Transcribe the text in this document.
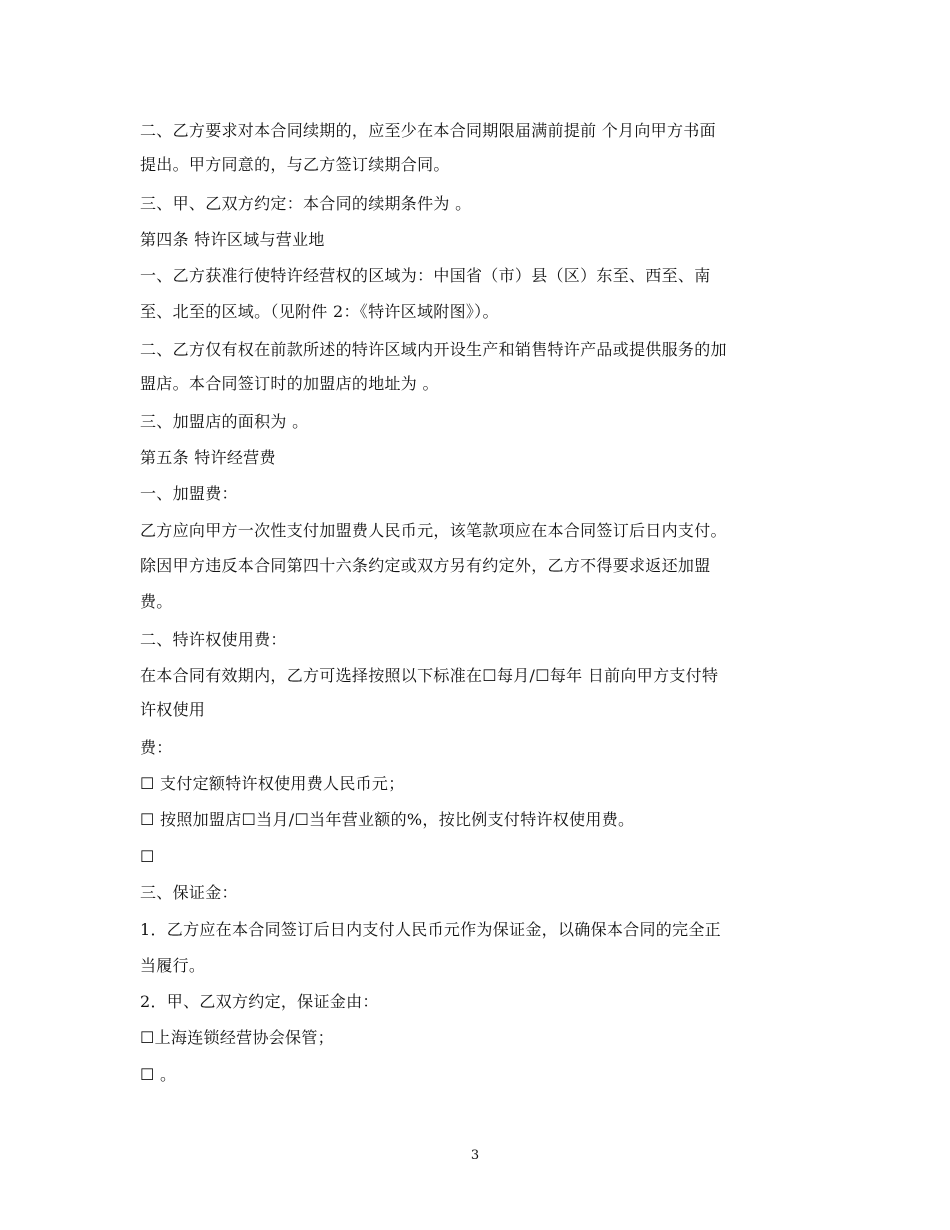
二、乙方要求对本合同续期的，应至少在本合同期限届满前提前 个月向甲方书面
提出。甲方同意的，与乙方签订续期合同。
三、甲、乙双方约定：本合同的续期条件为 。
第四条 特许区域与营业地
一、乙方获准行使特许经营权的区域为：中国省（市）县（区）东至、西至、南
至、北至的区域。（见附件 2：《特许区域附图》）。
二、乙方仅有权在前款所述的特许区域内开设生产和销售特许产品或提供服务的加
盟店。本合同签订时的加盟店的地址为 。
三、加盟店的面积为 。
第五条 特许经营费
一、加盟费：
乙方应向甲方一次性支付加盟费人民币元，该笔款项应在本合同签订后日内支付。
除因甲方违反本合同第四十六条约定或双方另有约定外，乙方不得要求返还加盟
费。
二、特许权使用费：
在本合同有效期内，乙方可选择按照以下标准在☐每月/☐每年 日前向甲方支付特
许权使用
费：
☐ 支付定额特许权使用费人民币元；
☐ 按照加盟店☐当月/☐当年营业额的%，按比例支付特许权使用费。
☐
三、保证金：
1．乙方应在本合同签订后日内支付人民币元作为保证金，以确保本合同的完全正
当履行。
2．甲、乙双方约定，保证金由：
☐上海连锁经营协会保管；
☐ 。
3
